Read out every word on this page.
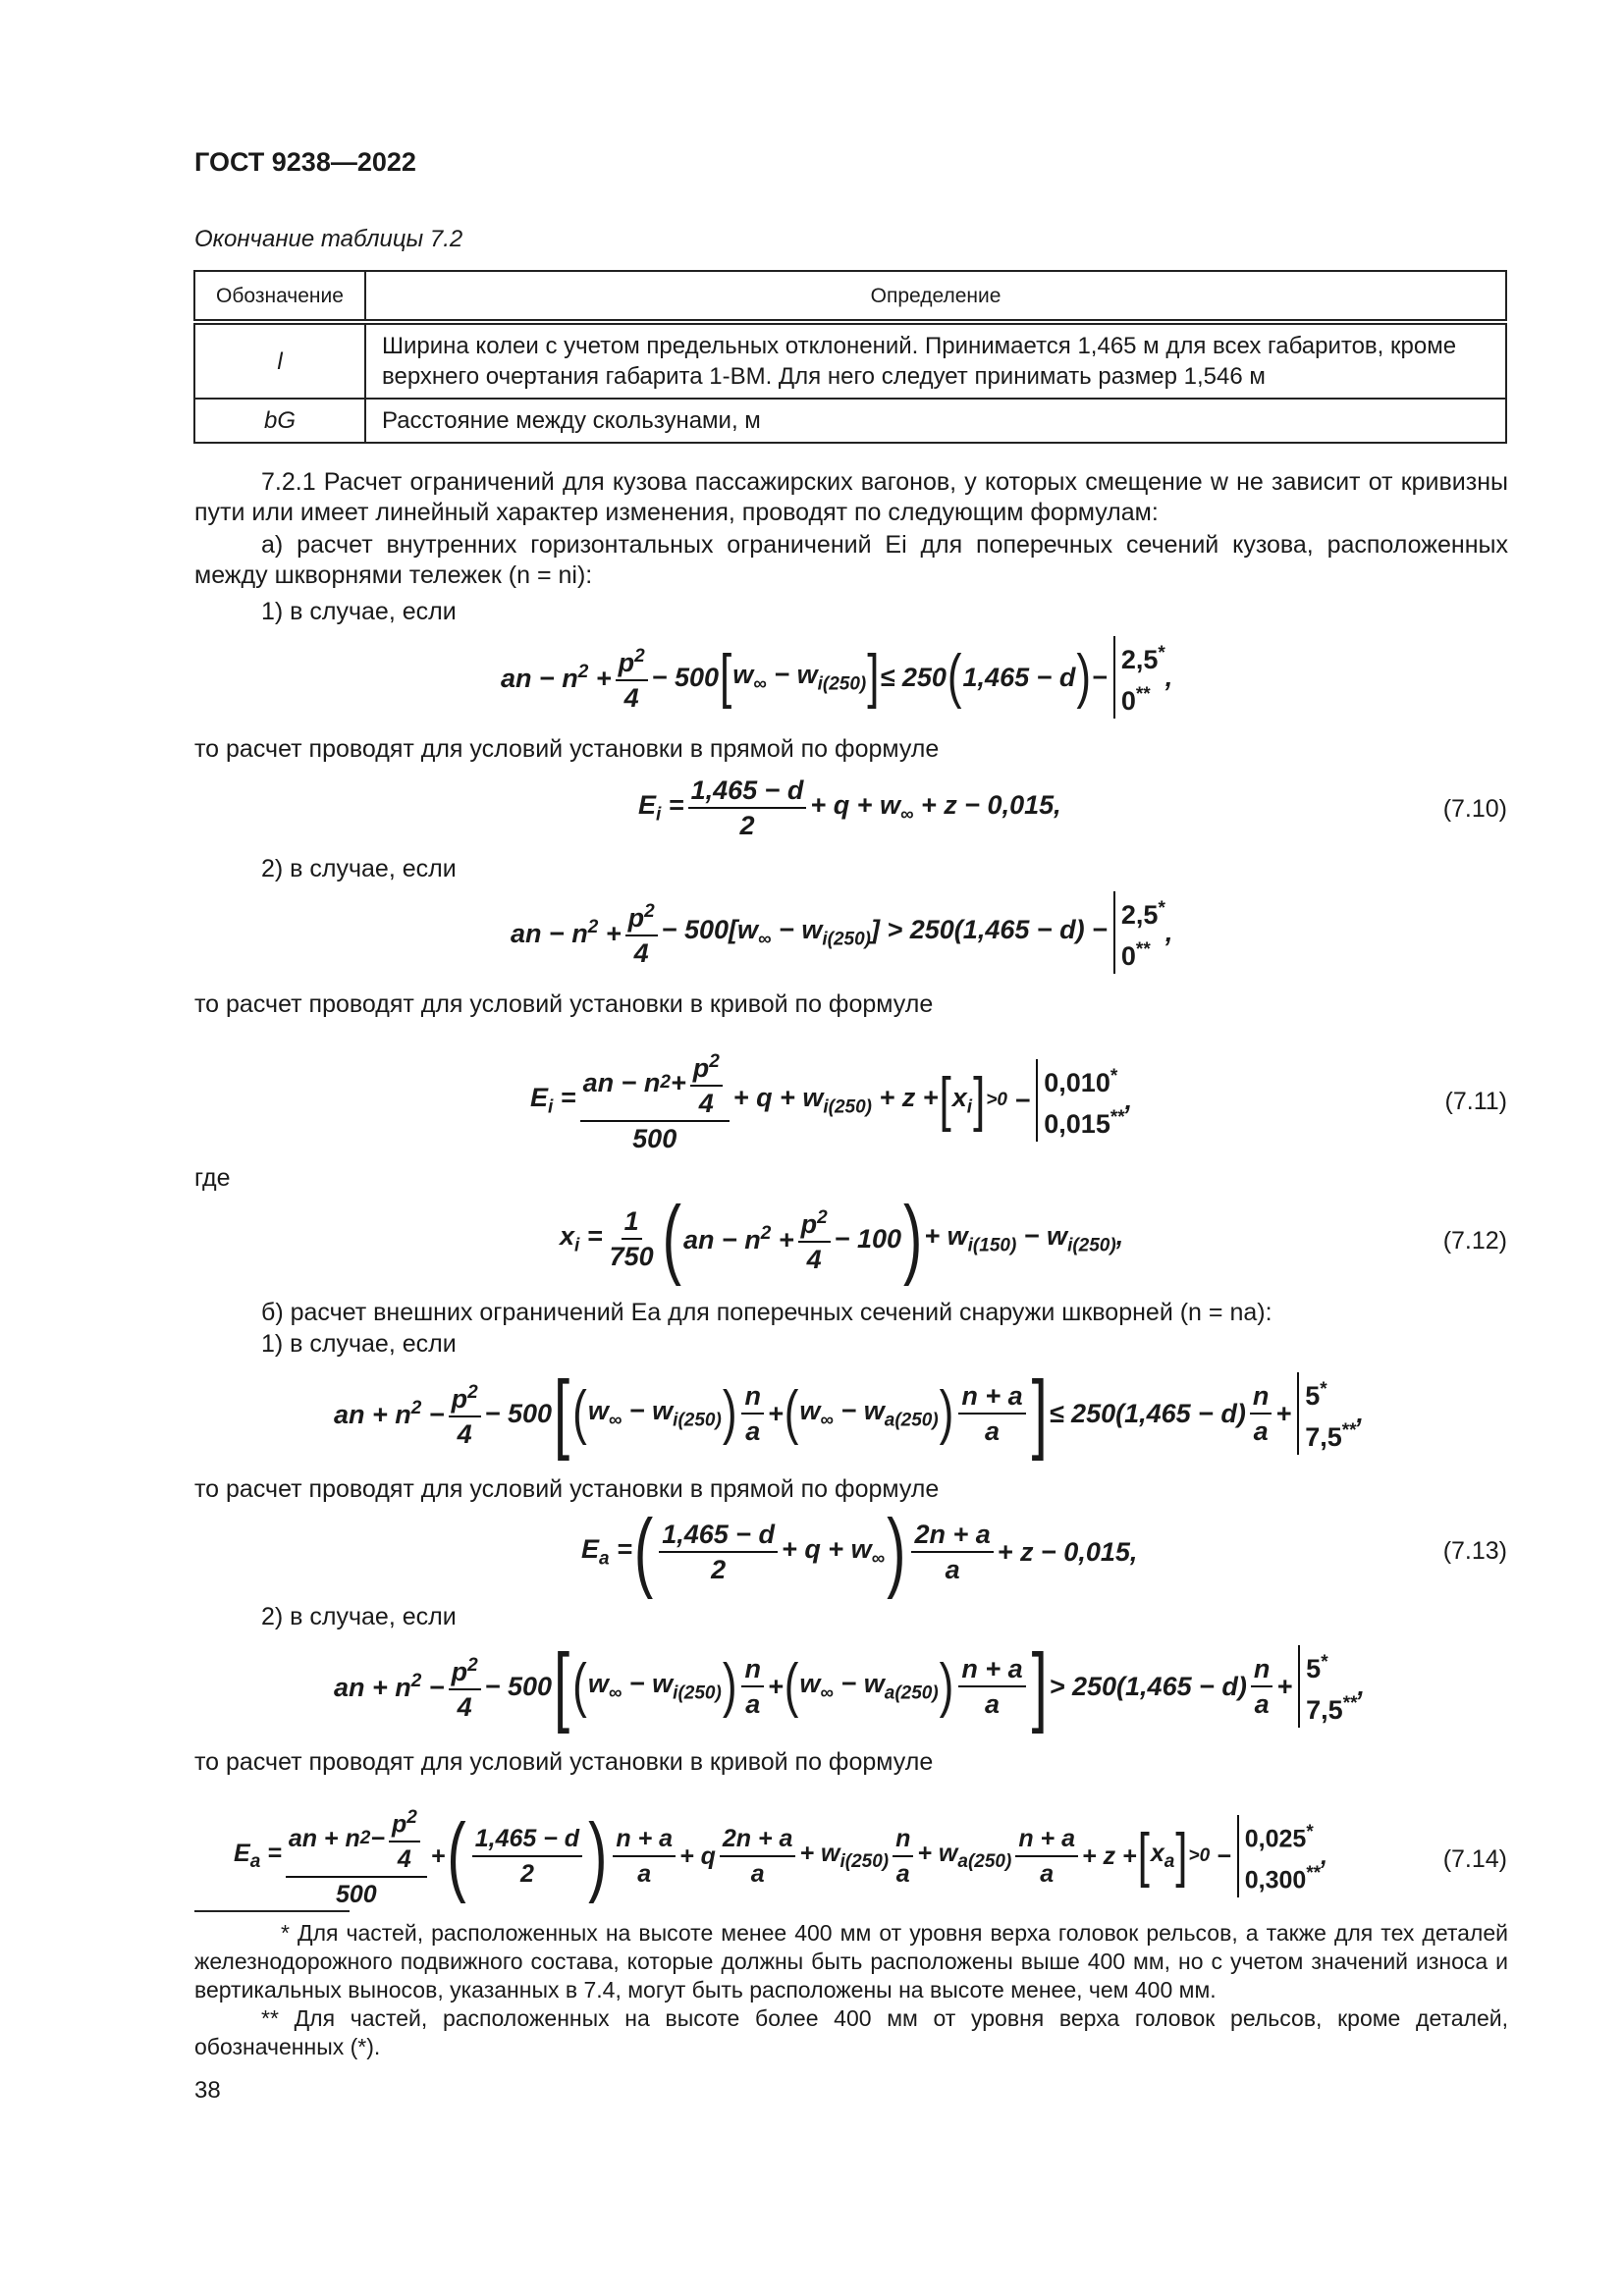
ГОСТ 9238—2022
Окончание таблицы 7.2
Обозначение	Определение
l	Ширина колеи с учетом предельных отклонений. Принимается 1,465 м для всех габаритов, кроме верхнего очертания габарита 1-ВМ. Для него следует принимать размер 1,546 м
bG	Расстояние между скользунами, м
7.2.1 Расчет ограничений для кузова пассажирских вагонов, у которых смещение w не зависит от кривизны пути или имеет линейный характер изменения, проводят по следующим формулам:
а) расчет внутренних горизонтальных ограничений Ei для поперечных сечений кузова, расположенных между шкворнями тележек (n = ni):
1) в случае, если
an − $n^2 + \frac{p^2}{4} - 500$ [ $w_\infty - w_{i(250)}$ ] ≤ 250 ( 1,465 − d ) −
2,5*
0**
,
то расчет проводят для условий установки в прямой по формуле
$E_i = \frac{1,465 - d}{2} + q + w_\infty + z - 0,015$,	(7.10)
2) в случае, если
an − $n^2 + \frac{p^2}{4} - 500[w_\infty - w_{i(250)}] > 250(1,465 - d) - 2,5^*$
0**
,
то расчет проводят для условий установки в кривой по формуле
$E_i = \frac{an - n 2 + \frac{p^2}{4}}{500} + q + w_{i(250)} + z$ + [ $x_i$ ] >0 −
0,010*
0,015**
,	(7.11)
где
$x_i = \frac{1}{750}$ ( an − $n^2 + \frac{p^2}{4} - 100$ ) + $w_{i(150)} - w_{i(250)}$,	(7.12)
б) расчет внешних ограничений Ea для поперечных сечений снаружи шкворней (n = na):
1) в случае, если
an + $n^2 - \frac{p^2}{4} - 500$ [ ( $w_\infty - w_{i(250)}$ ) $\frac{n}{a}$ + ( $w_\infty - w_{a(250)}$ ) $\frac{n + a}{a}$ ] ≤ $250(1,465 - d) \frac{n}{a}$ +
5*
7,5**
,
то расчет проводят для условий установки в прямой по формуле
$E_a$ = ( $\frac{1,465 - d}{2} + q + w_\infty$ ) $\frac{2n + a}{a} + z - 0,015$,	(7.13)
2) в случае, если
an + $n^2 - \frac{p^2}{4} - 500$ [ ( $w_\infty - w_{i(250)}$ ) $\frac{n}{a}$ + ( $w_\infty - w_{a(250)}$ ) $\frac{n + a}{a}$ ] > $250(1,465 - d) \frac{n}{a}$ +
5*
7,5**
,
то расчет проводят для условий установки в кривой по формуле
$E_a = \frac{an + n 2 - \frac{p^2}{4}}{500}$ + ( $\frac{1,465 - d}{2}$ ) $\frac{n + a}{a} + q \frac{2n + a}{a} + w_{i(250)} \frac{n}{a} + w_{a(250)} \frac{n + a}{a} + z$ + [ $x_a$ ] >0 −
0,025*
0,300**
,	(7.14)
* Для частей, расположенных на высоте менее 400 мм от уровня верха головок рельсов, а также для тех деталей железнодорожного подвижного состава, которые должны быть расположены выше 400 мм, но с учетом значений износа и вертикальных выносов, указанных в 7.4, могут быть расположены на высоте менее, чем 400 мм.
** Для частей, расположенных на высоте более 400 мм от уровня верха головок рельсов, кроме деталей, обозначенных (*).
38
